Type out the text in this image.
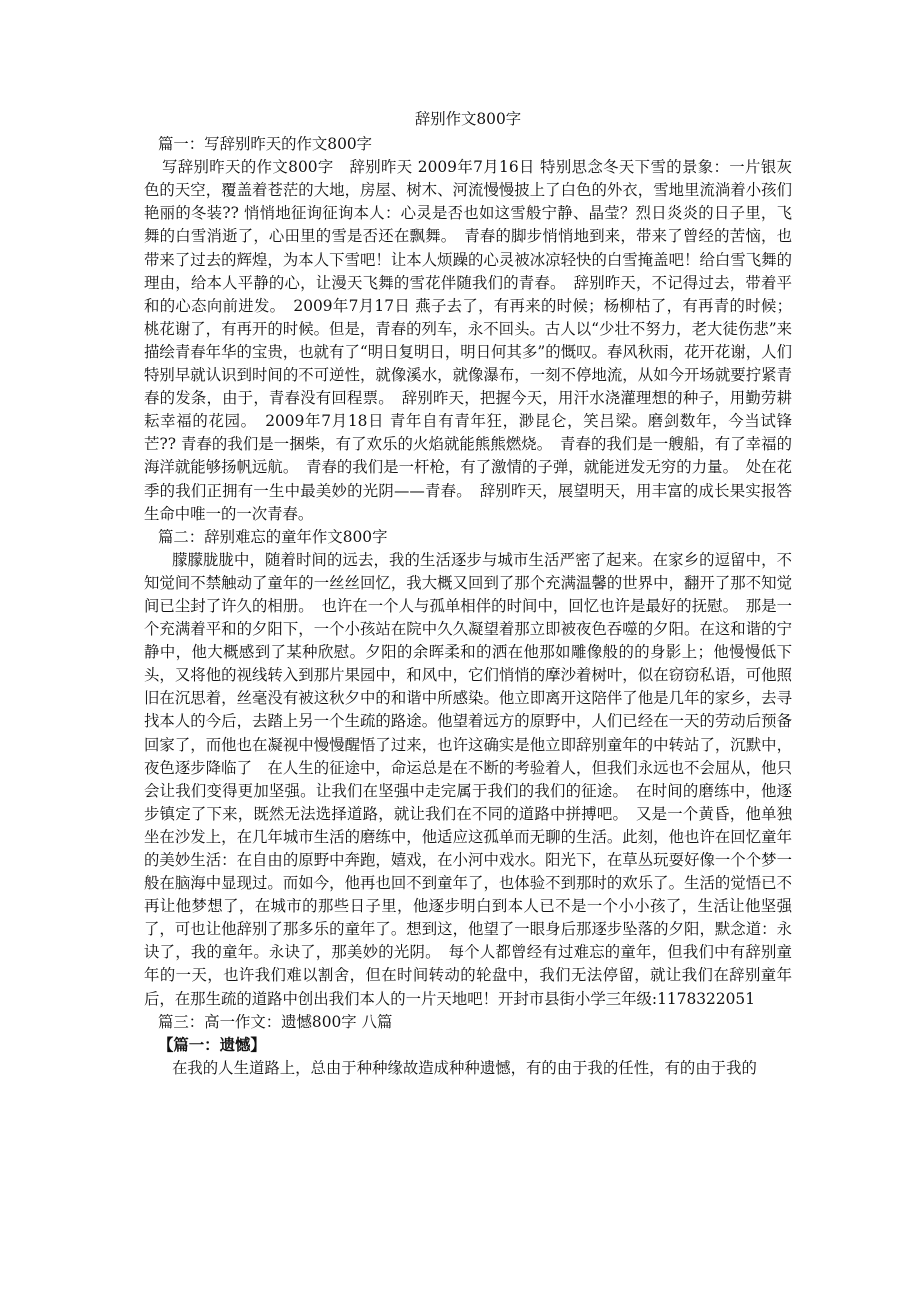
辞别作文800字

篇一：写辞别昨天的作文800字

写辞别昨天的作文800字　辞别昨天 2009年7月16日 特别思念冬天下雪的景象：一片银灰色的天空，覆盖着苍茫的大地，房屋、树木、河流慢慢披上了白色的外衣，雪地里流淌着小孩们艳丽的冬装?? 悄悄地征询征询本人：心灵是否也如这雪般宁静、晶莹？烈日炎炎的日子里，飞舞的白雪消逝了，心田里的雪是否还在飘舞。　青春的脚步悄悄地到来，带来了曾经的苦恼，也带来了过去的辉煌，为本人下雪吧！让本人烦躁的心灵被冰凉轻快的白雪掩盖吧！给白雪飞舞的理由，给本人平静的心，让漫天飞舞的雪花伴随我们的青春。　辞别昨天，不记得过去，带着平和的心态向前进发。　2009年7月17日 燕子去了，有再来的时候；杨柳枯了，有再青的时候；桃花谢了，有再开的时候。但是，青春的列车，永不回头。古人以“少壮不努力，老大徒伤悲”来描绘青春年华的宝贵，也就有了“明日复明日，明日何其多”的慨叹。春风秋雨，花开花谢，人们特别早就认识到时间的不可逆性，就像溪水，就像瀑布，一刻不停地流，从如今开场就要拧紧青春的发条，由于，青春没有回程票。　辞别昨天，把握今天，用汗水浇灌理想的种子，用勤劳耕耘幸福的花园。　2009年7月18日 青年自有青年狂，渺昆仑，笑吕梁。磨剑数年，今当试锋芒?? 青春的我们是一捆柴，有了欢乐的火焰就能熊熊燃烧。　青春的我们是一艘船，有了幸福的海洋就能够扬帆远航。　青春的我们是一杆枪，有了激情的子弹，就能迸发无穷的力量。　处在花季的我们正拥有一生中最美妙的光阴——青春。　辞别昨天，展望明天，用丰富的成长果实报答生命中唯一的一次青春。

篇二：辞别难忘的童年作文800字

朦朦胧胧中，随着时间的远去，我的生活逐步与城市生活严密了起来。在家乡的逗留中，不知觉间不禁触动了童年的一丝丝回忆，我大概又回到了那个充满温馨的世界中，翻开了那不知觉间已尘封了许久的相册。　也许在一个人与孤单相伴的时间中，回忆也许是最好的抚慰。　那是一个充满着平和的夕阳下，一个小孩站在院中久久凝望着那立即被夜色吞噬的夕阳。在这和谐的宁静中，他大概感到了某种欣慰。夕阳的余晖柔和的洒在他那如雕像般的的身影上；他慢慢低下头，又将他的视线转入到那片果园中，和风中，它们悄悄的摩沙着树叶，似在窃窃私语，可他照旧在沉思着，丝毫没有被这秋夕中的和谐中所感染。他立即离开这陪伴了他是几年的家乡，去寻找本人的今后，去踏上另一个生疏的路途。他望着远方的原野中，人们已经在一天的劳动后预备回家了，而他也在凝视中慢慢醒悟了过来，也许这确实是他立即辞别童年的中转站了，沉默中，夜色逐步降临了　在人生的征途中，命运总是在不断的考验着人，但我们永远也不会屈从，他只会让我们变得更加坚强。让我们在坚强中走完属于我们的我们的征途。　在时间的磨练中，他逐步镇定了下来，既然无法选择道路，就让我们在不同的道路中拼搏吧。　又是一个黄昏，他单独坐在沙发上，在几年城市生活的磨练中，他适应这孤单而无聊的生活。此刻，他也许在回忆童年的美妙生活：在自由的原野中奔跑，嬉戏，在小河中戏水。阳光下，在草丛玩耍好像一个个梦一般在脑海中显现过。而如今，他再也回不到童年了，也体验不到那时的欢乐了。生活的觉悟已不再让他梦想了，在城市的那些日子里，他逐步明白到本人已不是一个小小孩了，生活让他坚强了，可也让他辞别了那多乐的童年了。想到这，他望了一眼身后那逐步坠落的夕阳，默念道：永诀了，我的童年。永诀了，那美妙的光阴。　每个人都曾经有过难忘的童年，但我们中有辞别童年的一天，也许我们难以割舍，但在时间转动的轮盘中，我们无法停留，就让我们在辞别童年后，在那生疏的道路中创出我们本人的一片天地吧！开封市县街小学三年级:1178322051

篇三：高一作文：遗憾800字 八篇

【篇一：遗憾】

在我的人生道路上，总由于种种缘故造成种种遗憾，有的由于我的任性，有的由于我的
